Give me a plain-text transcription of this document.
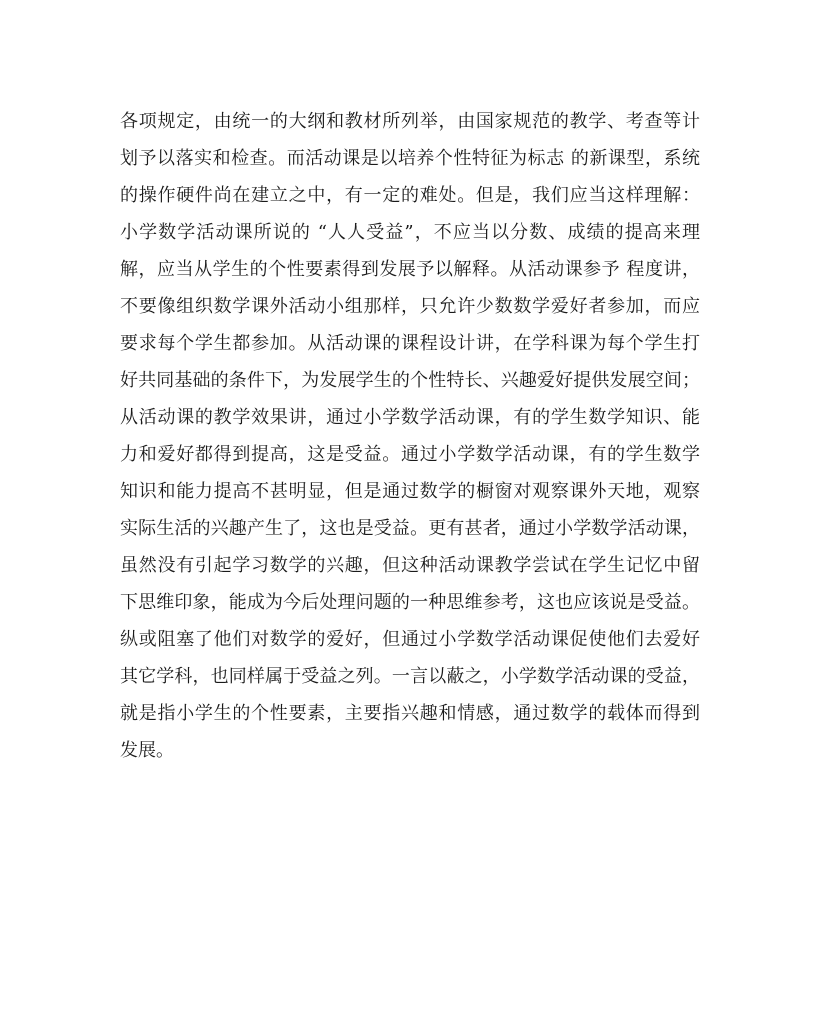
各项规定，由统一的大纲和教材所列举，由国家规范的教学、考查等计
划予以落实和检查。而活动课是以培养个性特征为标志 的新课型，系统
的操作硬件尚在建立之中，有一定的难处。但是，我们应当这样理解：
小学数学活动课所说的 “人人受益”，不应当以分数、成绩的提高来理
解，应当从学生的个性要素得到发展予以解释。从活动课参予 程度讲，
不要像组织数学课外活动小组那样，只允许少数数学爱好者参加，而应
要求每个学生都参加。从活动课的课程设计讲，在学科课为每个学生打
好共同基础的条件下，为发展学生的个性特长、兴趣爱好提供发展空间；
从活动课的教学效果讲，通过小学数学活动课，有的学生数学知识、能
力和爱好都得到提高，这是受益。通过小学数学活动课，有的学生数学
知识和能力提高不甚明显，但是通过数学的橱窗对观察课外天地，观察
实际生活的兴趣产生了，这也是受益。更有甚者，通过小学数学活动课，
虽然没有引起学习数学的兴趣，但这种活动课教学尝试在学生记忆中留
下思维印象，能成为今后处理问题的一种思维参考，这也应该说是受益。
纵或阻塞了他们对数学的爱好，但通过小学数学活动课促使他们去爱好
其它学科，也同样属于受益之列。一言以蔽之，小学数学活动课的受益，
就是指小学生的个性要素，主要指兴趣和情感，通过数学的载体而得到
发展。
